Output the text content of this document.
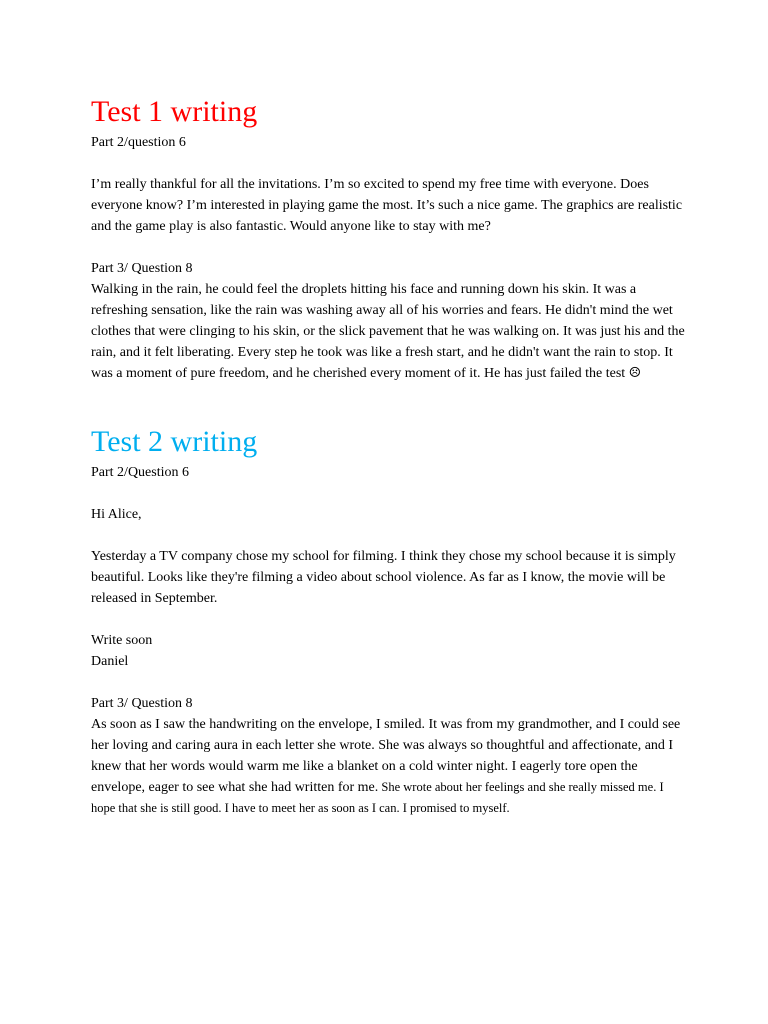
Test 1 writing

Part 2/question 6

I’m really thankful for all the invitations. I’m so excited to spend my free time with everyone. Does everyone know? I’m interested in playing game the most. It’s such a nice game. The graphics are realistic and the game play is also fantastic. Would anyone like to stay with me?

Part 3/ Question 8

Walking in the rain, he could feel the droplets hitting his face and running down his skin. It was a refreshing sensation, like the rain was washing away all of his worries and fears. He didn't mind the wet clothes that were clinging to his skin, or the slick pavement that he was walking on. It was just his and the rain, and it felt liberating. Every step he took was like a fresh start, and he didn't want the rain to stop. It was a moment of pure freedom, and he cherished every moment of it. He has just failed the test ☹

Test 2 writing

Part 2/Question 6

Hi Alice,

Yesterday a TV company chose my school for filming. I think they chose my school because it is simply beautiful. Looks like they're filming a video about school violence. As far as I know, the movie will be released in September.

Write soon

Daniel

Part 3/ Question 8

As soon as I saw the handwriting on the envelope, I smiled. It was from my grandmother, and I could see her loving and caring aura in each letter she wrote. She was always so thoughtful and affectionate, and I knew that her words would warm me like a blanket on a cold winter night. I eagerly tore open the envelope, eager to see what she had written for me. She wrote about her feelings and she really missed me. I hope that she is still good. I have to meet her as soon as I can. I promised to myself.
